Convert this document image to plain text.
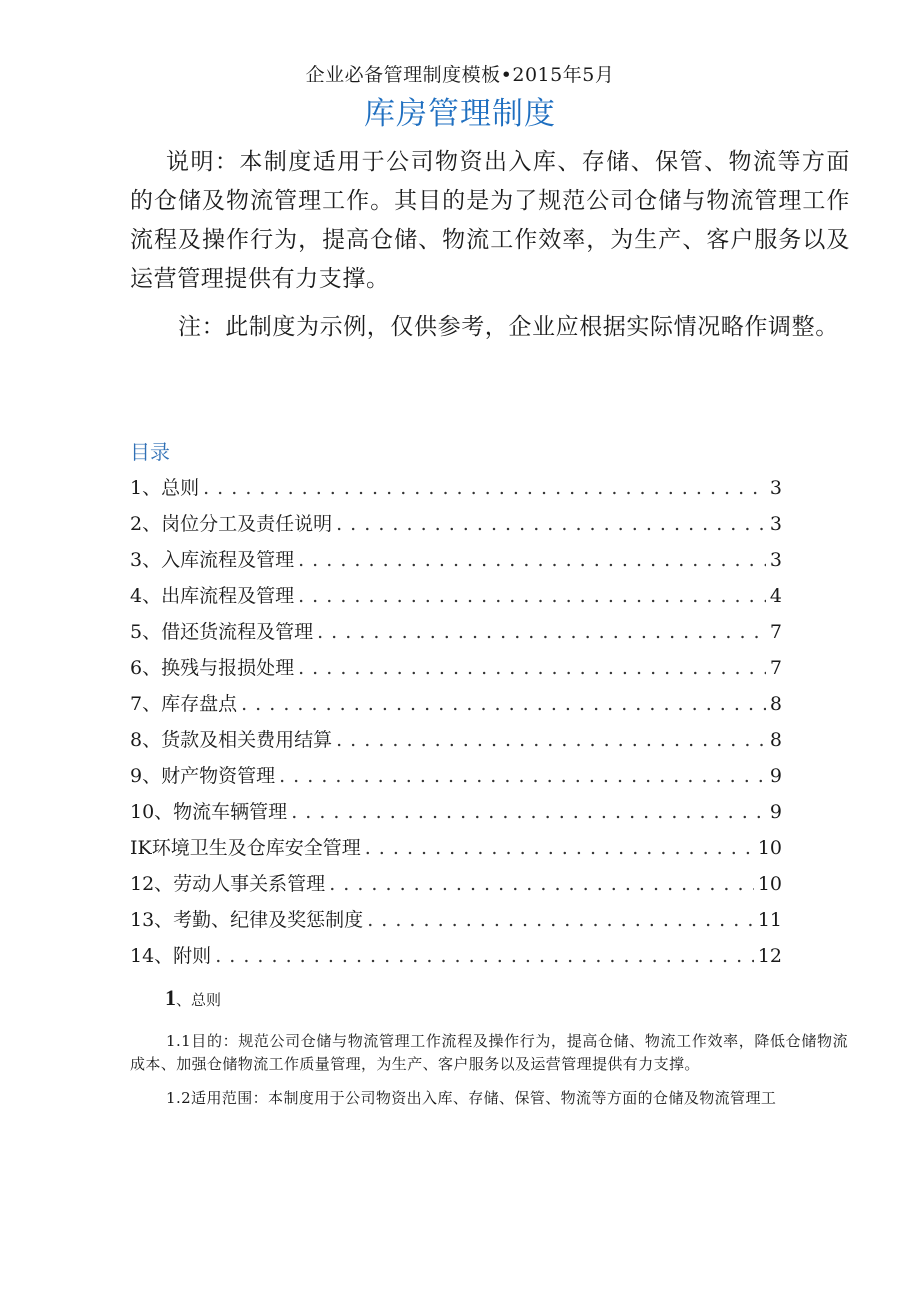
企业必备管理制度模板•2015年5月
库房管理制度

说明：本制度适用于公司物资出入库、存储、保管、物流等方面的仓储及物流管理工作。其目的是为了规范公司仓储与物流管理工作流程及操作行为，提高仓储、物流工作效率，为生产、客户服务以及运营管理提供有力支撑。

注：此制度为示例，仅供参考，企业应根据实际情况略作调整。

目录
1、总则 . . .	3
2、岗位分工及责任说明 . . .	3
3、入库流程及管理 . . .	3
4、出库流程及管理 . . .	4
5、借还货流程及管理 . . .	7
6、换残与报损处理 . . .	7
7、库存盘点 . . .	8
8、货款及相关费用结算 . . .	8
9、财产物资管理 . . .	9
10、物流车辆管理 . . .	9
IK环境卫生及仓库安全管理 . . .	10
12、劳动人事关系管理 . . .	10
13、考勤、纪律及奖惩制度 . . .	11
14、附则 . . .	12
1、总则

1.1目的：规范公司仓储与物流管理工作流程及操作行为，提高仓储、物流工作效率，降低仓储物流成本、加强仓储物流工作质量管理，为生产、客户服务以及运营管理提供有力支撑。

1.2适用范围：本制度用于公司物资出入库、存储、保管、物流等方面的仓储及物流管理工
